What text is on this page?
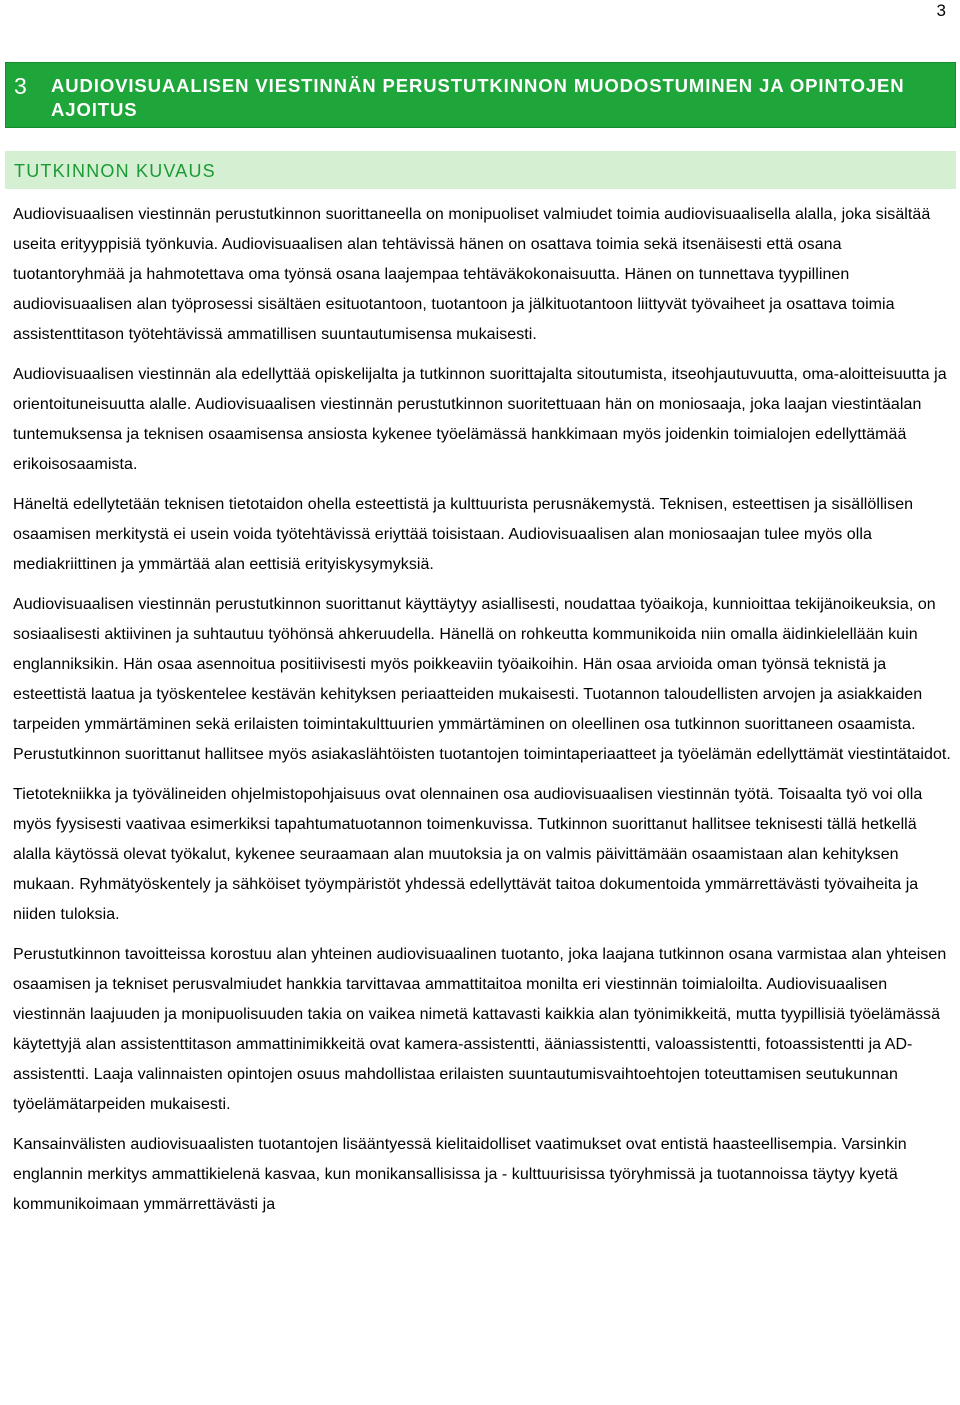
3
3 AUDIOVISUAALISEN VIESTINNÄN PERUSTUTKINNON MUODOSTUMINEN JA OPINTOJEN AJOITUS
TUTKINNON KUVAUS

Audiovisuaalisen viestinnän perustutkinnon suorittaneella on monipuoliset valmiudet toimia audiovisuaalisella alalla, joka sisältää useita erityyppisiä työnkuvia. Audiovisuaalisen alan tehtävissä hänen on osattava toimia sekä itsenäisesti että osana tuotantoryhmää ja hahmotettava oma työnsä osana laajempaa tehtäväkokonaisuutta. Hänen on tunnettava tyypillinen audiovisuaalisen alan työprosessi sisältäen esituotantoon, tuotantoon ja jälkituotantoon liittyvät työvaiheet ja osattava toimia assistenttitason työtehtävissä ammatillisen suuntautumisensa mukaisesti.

Audiovisuaalisen viestinnän ala edellyttää opiskelijalta ja tutkinnon suorittajalta sitoutumista, itseohjautuvuutta, oma-aloitteisuutta ja orientoituneisuutta alalle. Audiovisuaalisen viestinnän perustutkinnon suoritettuaan hän on moniosaaja, joka laajan viestintäalan tuntemuksensa ja teknisen osaamisensa ansiosta kykenee työelämässä hankkimaan myös joidenkin toimialojen edellyttämää erikoisosaamista.

Häneltä edellytetään teknisen tietotaidon ohella esteettistä ja kulttuurista perusnäkemystä. Teknisen, esteettisen ja sisällöllisen osaamisen merkitystä ei usein voida työtehtävissä eriyttää toisistaan. Audiovisuaalisen alan moniosaajan tulee myös olla mediakriittinen ja ymmärtää alan eettisiä erityiskysymyksiä.

Audiovisuaalisen viestinnän perustutkinnon suorittanut käyttäytyy asiallisesti, noudattaa työaikoja, kunnioittaa tekijänoikeuksia, on sosiaalisesti aktiivinen ja suhtautuu työhönsä ahkeruudella. Hänellä on rohkeutta kommunikoida niin omalla äidinkielellään kuin englanniksikin. Hän osaa asennoitua positiivisesti myös poikkeaviin työaikoihin. Hän osaa arvioida oman työnsä teknistä ja esteettistä laatua ja työskentelee kestävän kehityksen periaatteiden mukaisesti. Tuotannon taloudellisten arvojen ja asiakkaiden tarpeiden ymmärtäminen sekä erilaisten toimintakulttuurien ymmärtäminen on oleellinen osa tutkinnon suorittaneen osaamista. Perustutkinnon suorittanut hallitsee myös asiakaslähtöisten tuotantojen toimintaperiaatteet ja työelämän edellyttämät viestintätaidot.

Tietotekniikka ja työvälineiden ohjelmistopohjaisuus ovat olennainen osa audiovisuaalisen viestinnän työtä. Toisaalta työ voi olla myös fyysisesti vaativaa esimerkiksi tapahtumatuotannon toimenkuvissa. Tutkinnon suorittanut hallitsee teknisesti tällä hetkellä alalla käytössä olevat työkalut, kykenee seuraamaan alan muutoksia ja on valmis päivittämään osaamistaan alan kehityksen mukaan. Ryhmätyöskentely ja sähköiset työympäristöt yhdessä edellyttävät taitoa dokumentoida ymmärrettävästi työvaiheita ja niiden tuloksia.

Perustutkinnon tavoitteissa korostuu alan yhteinen audiovisuaalinen tuotanto, joka laajana tutkinnon osana varmistaa alan yhteisen osaamisen ja tekniset perusvalmiudet hankkia tarvittavaa ammattitaitoa monilta eri viestinnän toimialoilta. Audiovisuaalisen viestinnän laajuuden ja monipuolisuuden takia on vaikea nimetä kattavasti kaikkia alan työnimikkeitä, mutta tyypillisiä työelämässä käytettyjä alan assistenttitason ammattinimikkeitä ovat kamera-assistentti, ääniassistentti, valoassistentti, fotoassistentti ja AD-assistentti. Laaja valinnaisten opintojen osuus mahdollistaa erilaisten suuntautumisvaihtoehtojen toteuttamisen seutukunnan työelämätarpeiden mukaisesti.

Kansainvälisten audiovisuaalisten tuotantojen lisääntyessä kielitaidolliset vaatimukset ovat entistä haasteellisempia. Varsinkin englannin merkitys ammattikielenä kasvaa, kun monikansallisissa ja - kulttuurisissa työryhmissä ja tuotannoissa täytyy kyetä kommunikoimaan ymmärrettävästi ja
